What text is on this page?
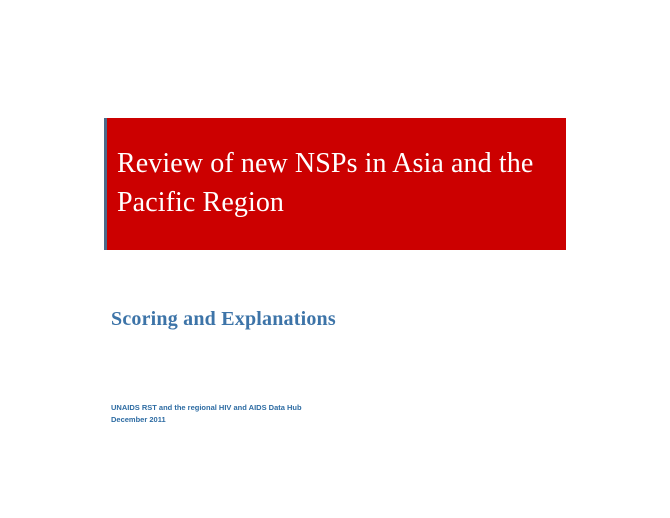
Review of new NSPs in Asia and the Pacific Region
Scoring and Explanations
UNAIDS RST and the regional HIV and AIDS Data Hub
December 2011
